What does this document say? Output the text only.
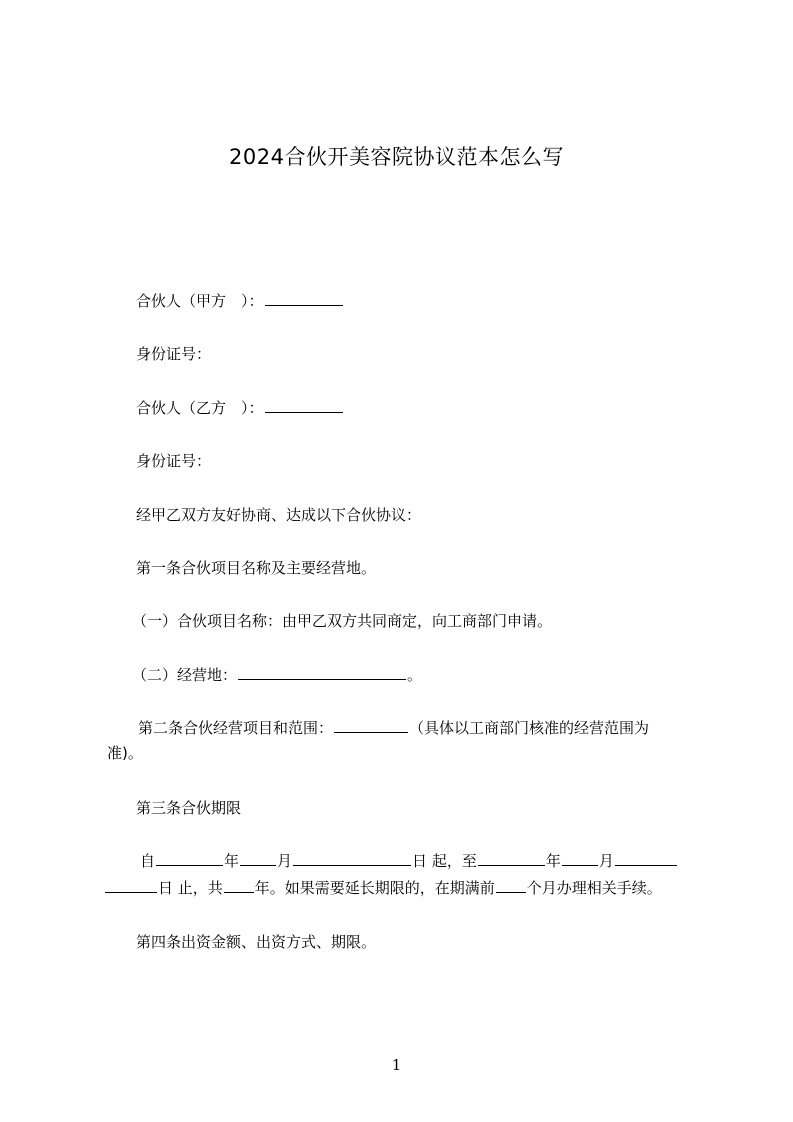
2024合伙开美容院协议范本怎么写
合伙人（甲方　）：
身份证号：
合伙人（乙方　）：
身份证号：
经甲乙双方友好协商、达成以下合伙协议：
第一条合伙项目名称及主要经营地。
（一）合伙项目名称：由甲乙双方共同商定，向工商部门申请。
（二）经营地：	。
第二条合伙经营项目和范围：	（具体以工商部门核准的经营范围为
准)。
第三条合伙期限
自	年	月	日 起，至	年	月
日 止，共 年。如果需要延长期限的，在期满前 个月办理相关手续。
第四条出资金额、出资方式、期限。
1
